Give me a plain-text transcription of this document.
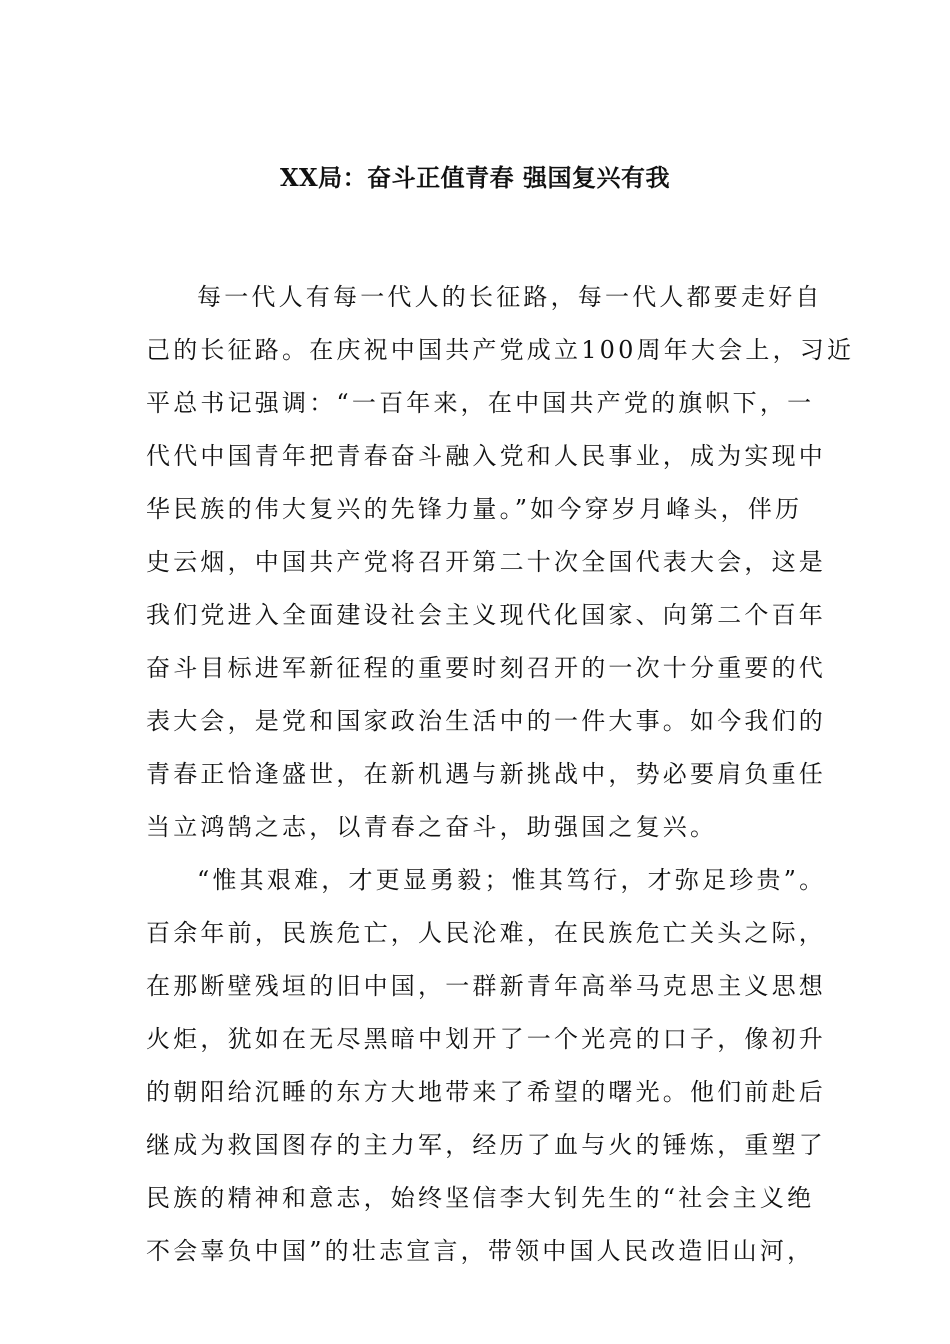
XX局：奋斗正值青春 强国复兴有我
每一代人有每一代人的长征路，每一代人都要走好自
己的长征路。在庆祝中国共产党成立100周年大会上，习近
平总书记强调：“一百年来，在中国共产党的旗帜下，一
代代中国青年把青春奋斗融入党和人民事业，成为实现中
华民族的伟大复兴的先锋力量。”如今穿岁月峰头，伴历
史云烟，中国共产党将召开第二十次全国代表大会，这是
我们党进入全面建设社会主义现代化国家、向第二个百年
奋斗目标进军新征程的重要时刻召开的一次十分重要的代
表大会，是党和国家政治生活中的一件大事。如今我们的
青春正恰逢盛世，在新机遇与新挑战中，势必要肩负重任
当立鸿鹄之志，以青春之奋斗，助强国之复兴。
“惟其艰难，才更显勇毅；惟其笃行，才弥足珍贵”。
百余年前，民族危亡，人民沦难，在民族危亡关头之际，
在那断壁残垣的旧中国，一群新青年高举马克思主义思想
火炬，犹如在无尽黑暗中划开了一个光亮的口子，像初升
的朝阳给沉睡的东方大地带来了希望的曙光。他们前赴后
继成为救国图存的主力军，经历了血与火的锤炼，重塑了
民族的精神和意志，始终坚信李大钊先生的“社会主义绝
不会辜负中国”的壮志宣言，带领中国人民改造旧山河，
